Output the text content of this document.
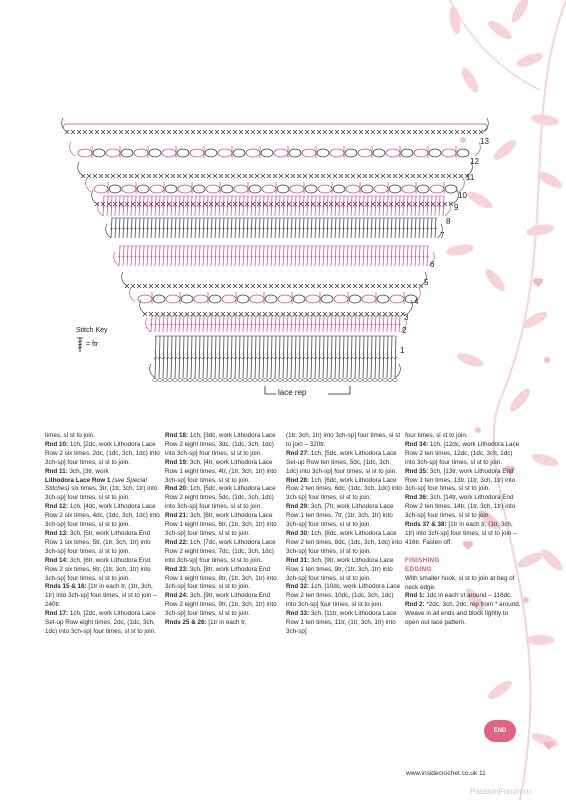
Stitch Key
= ftr
lace rep
1
2
3
4
5
6
7
8
9
10
11
12
13

times, sl st to join.

Rnd 10: 1ch, [2dc, work Lithodora Lace Row 2 six times, 2dc, (1dc, 3ch, 1dc) into 3ch-sp] four times, sl st to join.

Rnd 11: 3ch, [3tr, work

Lithodora Lace Row 1 (see Special Stitches) six times, 3tr, (1tr, 3ch, 1tr) into 3ch-sp] four times, sl st to join.

Rnd 12: 1ch, [4dc, work Lithodora Lace Row 2 six times, 4dc, (1dc, 3ch, 1dc) into 3ch-sp] four times, sl st to join.

Rnd 13: 3ch, [5tr, work Lithodora End Row 1 six times, 5tr, (1tr, 3ch, 1tr) into 3ch-sp] four times, sl st to join.

Rnd 14: 3ch, [6tr, work Lithodora End Row 2 six times, 6tr, (1tr, 3ch, 1tr) into 3ch-sp] four times, sl st to join.

Rnds 15 & 16: [1tr in each tr, (1tr, 3ch, 1tr) into 3ch-sp] four times, sl st to join – 240tr.

Rnd 17: 1ch, [2dc, work Lithodora Lace Set-up Row eight times, 2dc, (1dc, 3ch, 1dc) into 3ch-sp] four times, sl st to join.

Rnd 18: 1ch, [3dc, work Lithodora Lace Row 2 eight times, 3dc, (1dc, 3ch, 1dc) into 3ch-sp] four times, sl st to join.

Rnd 19: 3ch, [4tr, work Lithodora Lace Row 1 eight times, 4tr, (1tr, 3ch, 1tr) into 3ch-sp] four times, sl st to join.

Rnd 20: 1ch, [5dc, work Lithodora Lace Row 2 eight times, 5dc, (1dc, 3ch, 1dc) into 3ch-sp] four times, sl st to join.

Rnd 21: 3ch, [6tr, work Lithodora Lace Row 1 eight times, 6tr, (1tr, 3ch, 1tr) into 3ch-sp] four times, sl st to join.

Rnd 22: 1ch, [7dc, work Lithodora Lace Row 2 eight times, 7dc, (1dc, 3ch, 1dc) into 3ch-sp] four times, sl st to join.

Rnd 23: 3ch, [8tr, work Lithodora End Row 1 eight times, 8tr, (1tr, 3ch, 1tr) into 3ch-sp] four times, sl st to join.

Rnd 24: 3ch, [9tr, work Lithodora End Row 2 eight times, 9tr, (1tr, 3ch, 1tr) into 3ch-sp] four times, sl st to join.

Rnds 25 & 26: [1tr in each tr,

(1tr, 3ch, 1tr) into 3ch-sp] four times, sl st to join – 320tr.

Rnd 27: 1ch, [5dc, work Lithodora Lace Set-up Row ten times, 5dc, (1dc, 3ch, 1dc) into 3ch-sp] four times, sl st to join.

Rnd 28: 1ch, [6dc, work Lithodora Lace Row 2 ten times, 6dc, (1dc, 3ch, 1dc) into 3ch-sp] four times, sl st to join.

Rnd 29: 3ch, [7tr, work Lithodora Lace Row 1 ten times, 7tr, (1tr, 3ch, 1tr) into 3ch-sp] four times, sl st to join.

Rnd 30: 1ch, [8dc, work Lithodora Lace Row 2 ten times, 8dc, (1dc, 3ch, 1dc) into 3ch-sp] four times, sl st to join.

Rnd 31: 3ch, [9tr, work Lithodora Lace Row 1 ten times, 9tr, (1tr, 3ch, 1tr) into 3ch-sp] four times, sl st to join.

Rnd 32: 1ch, [10dc, work Lithodora Lace Row 2 ten times, 10dc, (1dc, 3ch, 1dc) into 3ch-sp] four times, sl st to join.

Rnd 33: 3ch, [11tr, work Lithodora Lace Row 1 ten times, 11tr, (1tr, 3ch, 1tr) into 3ch-sp]

four times, sl st to join.

Rnd 34: 1ch, [12dc, work Lithodora Lace Row 2 ten times, 12dc, (1dc, 3ch, 1dc) into 3ch-sp] four times, sl st to join.

Rnd 35: 3ch, [13tr, work Lithodora End Row 1 ten times, 13tr, (1tr, 3ch, 1tr) into 3ch-sp] four times, sl st to join.

Rnd 36: 3ch, [14tr, work Lithodora End Row 2 ten times, 14tr, (1tr, 3ch, 1tr) into 3ch-sp] four times, sl st to join.

Rnds 37 & 38: [1tr in each tr, (1tr, 3ch, 1tr) into 3ch-sp] four times, sl st to join – 416tr. Fasten off.

FINISHING

EDGING

With smaller hook, sl st to join at beg of neck edge.

Rnd 1: 1dc in each st around – 116dc.

Rnd 2: *2dc, 3ch, 2dc; rep from * around.

Weave in all ends and block lightly to open out lace pattern.

END
www.insidecrochet.co.uk 11
PassionForum.ru
